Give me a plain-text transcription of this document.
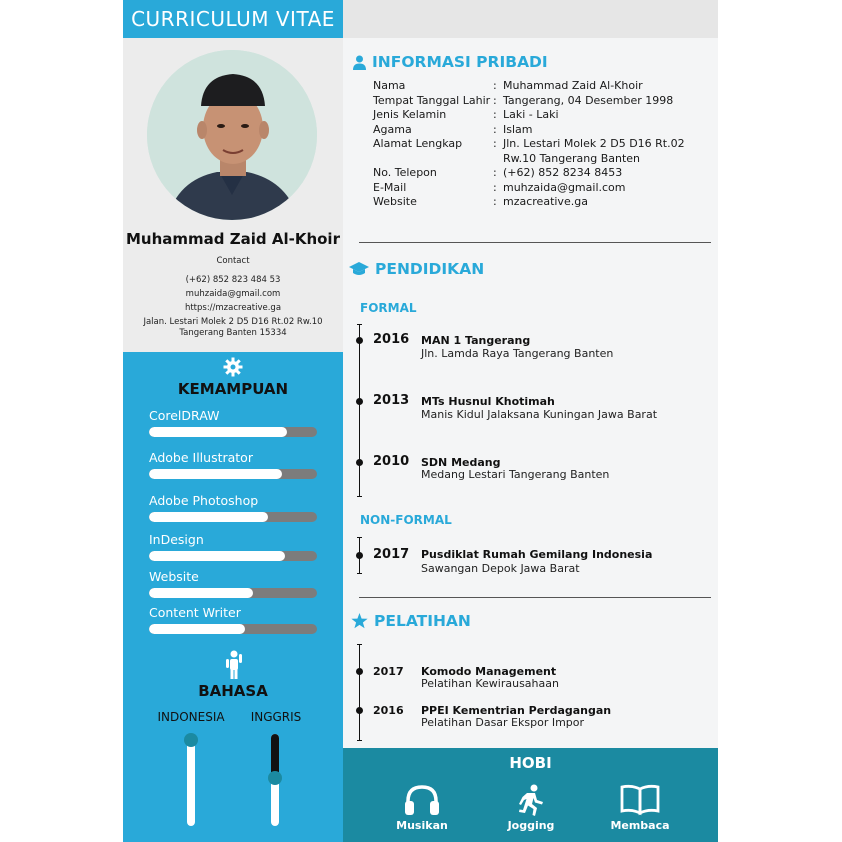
CURRICULUM VITAE
Muhammad Zaid Al-Khoir
Contact
(+62) 852 823 484 53
muhzaida@gmail.com
https://mzacreative.ga
Jalan. Lestari Molek 2 D5 D16 Rt.02 Rw.10
Tangerang Banten 15334
KEMAMPUAN
CorelDRAW
Adobe Illustrator
Adobe Photoshop
InDesign
Website
Content Writer
BAHASA
INDONESIA	INGGRIS
INFORMASI PRIBADI
Nama	: Muhammad Zaid Al-Khoir
Tempat Tanggal Lahir : Tangerang, 04 Desember 1998
Jenis Kelamin	: Laki - Laki
Agama	: Islam
Alamat Lengkap	: Jln. Lestari Molek 2 D5 D16 Rt.02
Rw.10 Tangerang Banten
No. Telepon	: (+62) 852 8234 8453
E-Mail	: muhzaida@gmail.com
Website	: mzacreative.ga
PENDIDIKAN
FORMAL
2016 MAN 1 Tangerang
Jln. Lamda Raya Tangerang Banten
2013 MTs Husnul Khotimah
Manis Kidul Jalaksana Kuningan Jawa Barat
2010 SDN Medang
Medang Lestari Tangerang Banten
NON-FORMAL
2017 Pusdiklat Rumah Gemilang Indonesia
Sawangan Depok Jawa Barat
PELATIHAN
2017 Komodo Management
Pelatihan Kewirausahaan
2016 PPEI Kementrian Perdagangan
Pelatihan Dasar Ekspor Impor
HOBI
Musikan	Jogging	Membaca
